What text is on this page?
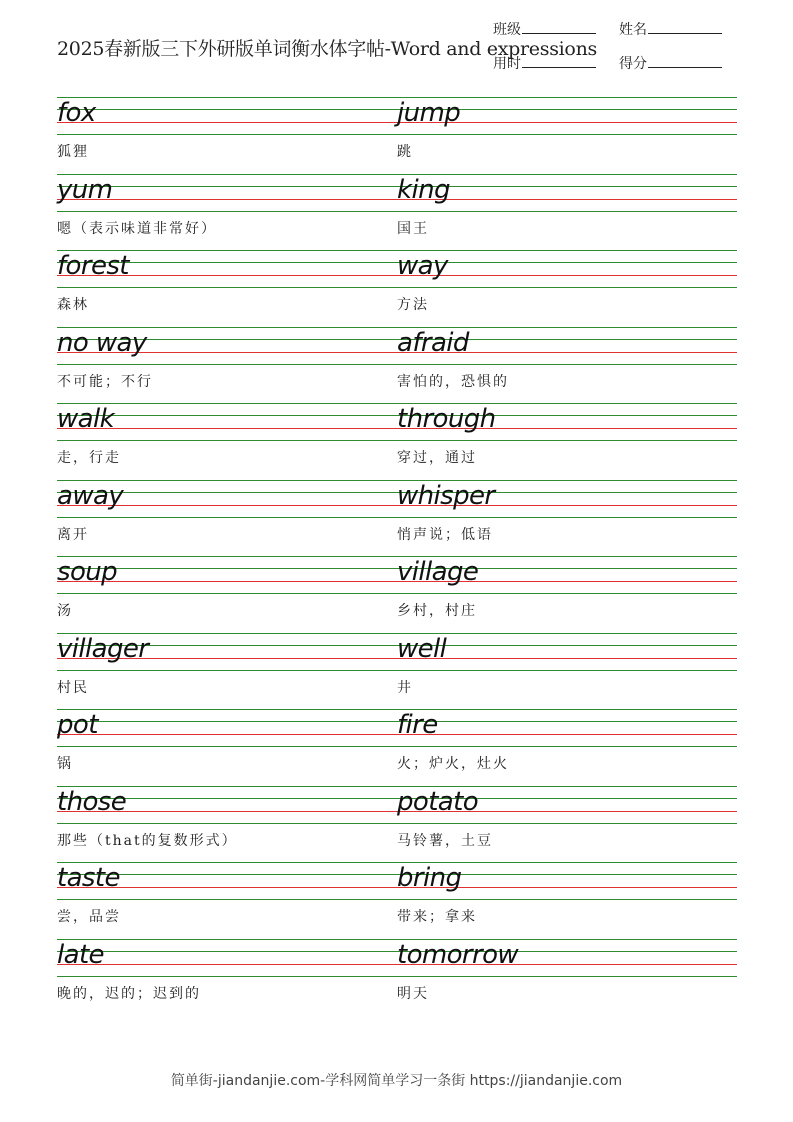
2025春新版三下外研版单词衡水体字帖-Word and expressions
班级	姓名
用时	得分
fox
狐狸
jump
跳
yum
嗯（表示味道非常好）
king
国王
forest
森林
way
方法
no way
不可能；不行
afraid
害怕的，恐惧的
walk
走，行走
through
穿过，通过
away
离开
whisper
悄声说；低语
soup
汤
village
乡村，村庄
villager
村民
well
井
pot
锅
fire
火；炉火，灶火
those
那些（that的复数形式）
potato
马铃薯，土豆
taste
尝，品尝
bring
带来；拿来
late
晚的，迟的；迟到的
tomorrow
明天
简单街-jiandanjie.com-学科网简单学习一条街 https://jiandanjie.com
